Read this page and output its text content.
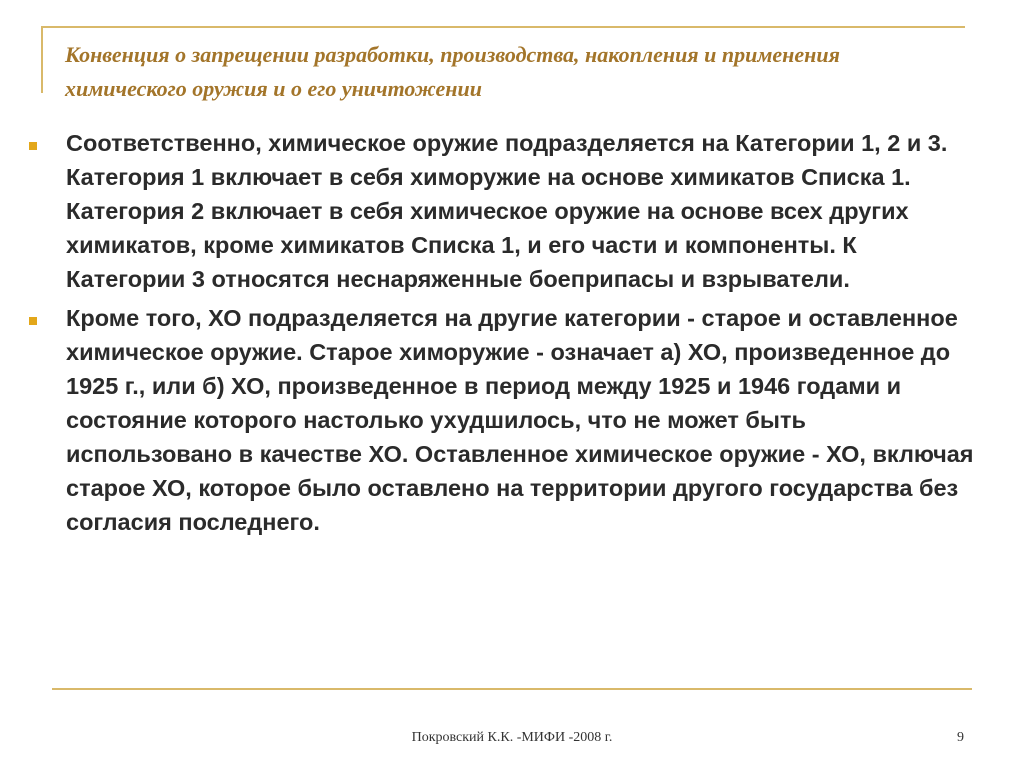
Конвенция о запрещении разработки, производства, накопления и применения химического оружия и о его уничтожении

Соответственно, химическое оружие подразделяется на Категории 1, 2 и 3. Категория 1 включает в себя химоружие на основе химикатов Списка 1. Категория 2 включает в себя химическое оружие на основе всех других химикатов, кроме химикатов Списка 1, и его части и компоненты. К Категории 3 относятся неснаряженные боеприпасы и взрыватели.

Кроме того, ХО подразделяется на другие категории - старое и оставленное химическое оружие. Старое химоружие - означает а) ХО, произведенное до 1925 г., или б) ХО, произведенное в период между 1925 и 1946 годами и состояние которого настолько ухудшилось, что не может быть использовано в качестве ХО. Оставленное химическое оружие - ХО, включая старое ХО, которое было оставлено на территории другого государства без согласия последнего.

Покровский К.К. -МИФИ -2008 г.	9
